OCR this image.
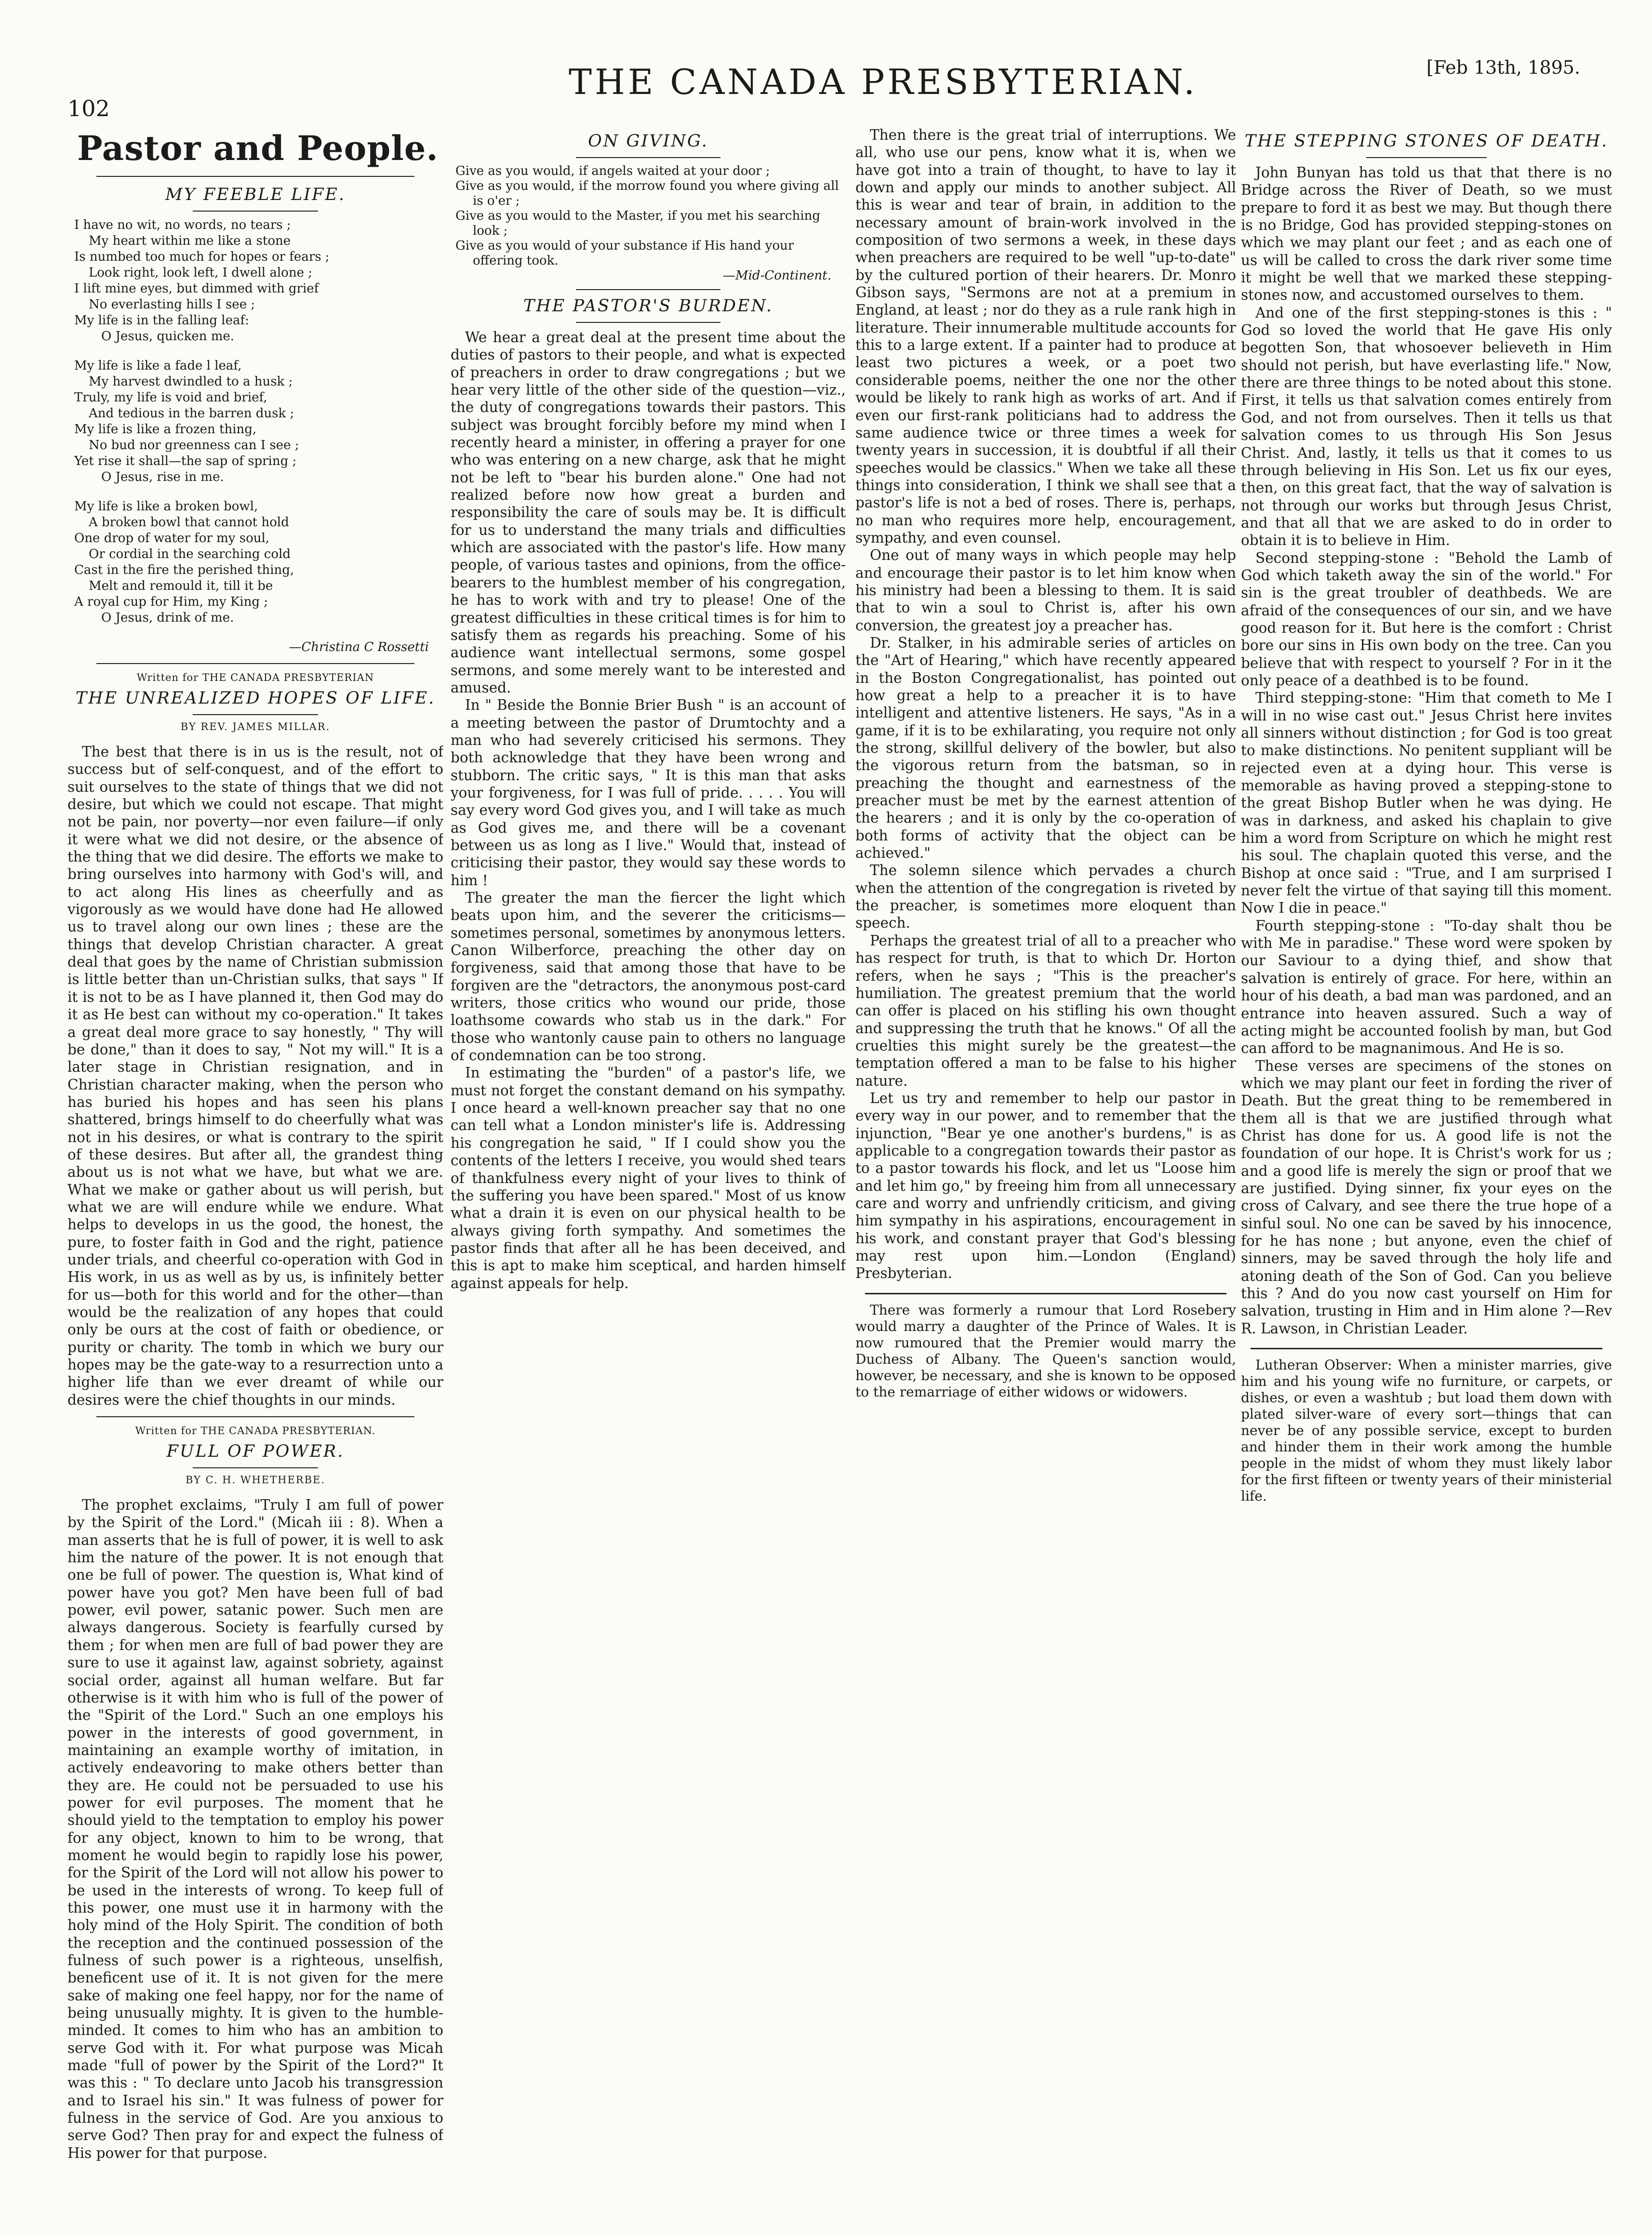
102
THE CANADA PRESBYTERIAN.	[Feb 13th, 1895.
Pastor and People.
MY FEEBLE LIFE.
I have no wit, no words, no tears ;
My heart within me like a stone
Is numbed too much for hopes or fears ;
Look right, look left, I dwell alone ;
I lift mine eyes, but dimmed with grief
No everlasting hills I see ;
My life is in the falling leaf:
O Jesus, quicken me.
My life is like a fade l leaf,
My harvest dwindled to a husk ;
Truly, my life is void and brief,
And tedious in the barren dusk ;
My life is like a frozen thing,
No bud nor greenness can I see ;
Yet rise it shall—the sap of spring ;
O Jesus, rise in me.
My life is like a broken bowl,
A broken bowl that cannot hold
One drop of water for my soul,
Or cordial in the searching cold
Cast in the fire the perished thing,
Melt and remould it, till it be
A royal cup for Him, my King ;
O Jesus, drink of me.
—Christina C Rossetti
Written for THE CANADA PRESBYTERIAN
THE UNREALIZED HOPES OF LIFE.
BY REV. JAMES MILLAR.

The best that there is in us is the result, not of success but of self-conquest, and of the effort to suit ourselves to the state of things that we did not desire, but which we could not escape. That might not be pain, nor poverty—nor even failure—if only it were what we did not desire, or the absence of the thing that we did desire. The efforts we make to bring ourselves into harmony with God's will, and to act along His lines as cheerfully and as vigorously as we would have done had He allowed us to travel along our own lines ; these are the things that develop Christian character. A great deal that goes by the name of Christian submission is little better than un-Christian sulks, that says " If it is not to be as I have planned it, then God may do it as He best can without my co-operation." It takes a great deal more grace to say honestly, " Thy will be done," than it does to say, " Not my will." It is a later stage in Christian resignation, and in Christian character making, when the person who has buried his hopes and has seen his plans shattered, brings himself to do cheerfully what was not in his desires, or what is contrary to the spirit of these desires. But after all, the grandest thing about us is not what we have, but what we are. What we make or gather about us will perish, but what we are will endure while we endure. What helps to develops in us the good, the honest, the pure, to foster faith in God and the right, patience under trials, and cheerful co-operation with God in His work, in us as well as by us, is infinitely better for us—both for this world and for the other—than would be the realization of any hopes that could only be ours at the cost of faith or obedience, or purity or charity. The tomb in which we bury our hopes may be the gate-way to a resurrection unto a higher life than we ever dreamt of while our desires were the chief thoughts in our minds.

Written for THE CANADA PRESBYTERIAN.
FULL OF POWER.
BY C. H. WHETHERBE.

The prophet exclaims, "Truly I am full of power by the Spirit of the Lord." (Micah iii : 8). When a man asserts that he is full of power, it is well to ask him the nature of the power. It is not enough that one be full of power. The question is, What kind of power have you got? Men have been full of bad power, evil power, satanic power. Such men are always dangerous. Society is fearfully cursed by them ; for when men are full of bad power they are sure to use it against law, against sobriety, against social order, against all human welfare. But far otherwise is it with him who is full of the power of the "Spirit of the Lord." Such an one employs his power in the interests of good government, in maintaining an example worthy of imitation, in actively endeavoring to make others better than they are. He could not be persuaded to use his power for evil purposes. The moment that he should yield to the temptation to employ his power for any object, known to him to be wrong, that moment he would begin to rapidly lose his power, for the Spirit of the Lord will not allow his power to be used in the interests of wrong. To keep full of this power, one must use it in harmony with the holy mind of the Holy Spirit. The condition of both the reception and the continued possession of the fulness of such power is a righteous, unselfish, beneficent use of it. It is not given for the mere sake of making one feel happy, nor for the name of being unusually mighty. It is given to the humble-minded. It comes to him who has an ambition to serve God with it. For what purpose was Micah made "full of power by the Spirit of the Lord?" It was this : " To declare unto Jacob his transgression and to Israel his sin." It was fulness of power for fulness in the service of God. Are you anxious to serve God? Then pray for and expect the fulness of His power for that purpose.

ON GIVING.
Give as you would, if angels waited at your door ;
Give as you would, if the morrow found you where giving all is o'er ;
Give as you would to the Master, if you met his searching look ;
Give as you would of your substance if His hand your offering took.
—Mid-Continent.
THE PASTOR'S BURDEN.

We hear a great deal at the present time about the duties of pastors to their people, and what is expected of preachers in order to draw congregations ; but we hear very little of the other side of the question—viz., the duty of congregations towards their pastors. This subject was brought forcibly before my mind when I recently heard a minister, in offering a prayer for one who was entering on a new charge, ask that he might not be left to "bear his burden alone." One had not realized before now how great a burden and responsibility the care of souls may be. It is difficult for us to understand the many trials and difficulties which are associated with the pastor's life. How many people, of various tastes and opinions, from the office-bearers to the humblest member of his congregation, he has to work with and try to please! One of the greatest difficulties in these critical times is for him to satisfy them as regards his preaching. Some of his audience want intellectual sermons, some gospel sermons, and some merely want to be interested and amused.

In " Beside the Bonnie Brier Bush " is an account of a meeting between the pastor of Drumtochty and a man who had severely criticised his sermons. They both acknowledge that they have been wrong and stubborn. The critic says, " It is this man that asks your forgiveness, for I was full of pride. . . . . You will say every word God gives you, and I will take as much as God gives me, and there will be a covenant between us as long as I live." Would that, instead of criticising their pastor, they would say these words to him !

The greater the man the fiercer the light which beats upon him, and the severer the criticisms—sometimes personal, sometimes by anonymous letters. Canon Wilberforce, preaching the other day on forgiveness, said that among those that have to be forgiven are the "detractors, the anonymous post-card writers, those critics who wound our pride, those loathsome cowards who stab us in the dark." For those who wantonly cause pain to others no language of condemnation can be too strong.

In estimating the "burden" of a pastor's life, we must not forget the constant demand on his sympathy. I once heard a well-known preacher say that no one can tell what a London minister's life is. Addressing his congregation he said, " If I could show you the contents of the letters I receive, you would shed tears of thankfulness every night of your lives to think of the suffering you have been spared." Most of us know what a drain it is even on our physical health to be always giving forth sympathy. And sometimes the pastor finds that after all he has been deceived, and this is apt to make him sceptical, and harden himself against appeals for help.

Then there is the great trial of interruptions. We all, who use our pens, know what it is, when we have got into a train of thought, to have to lay it down and apply our minds to another subject. All this is wear and tear of brain, in addition to the necessary amount of brain-work involved in the composition of two sermons a week, in these days when preachers are required to be well "up-to-date" by the cultured portion of their hearers. Dr. Monro Gibson says, "Sermons are not at a premium in England, at least ; nor do they as a rule rank high in literature. Their innumerable multitude accounts for this to a large extent. If a painter had to produce at least two pictures a week, or a poet two considerable poems, neither the one nor the other would be likely to rank high as works of art. And if even our first-rank politicians had to address the same audience twice or three times a week for twenty years in succession, it is doubtful if all their speeches would be classics." When we take all these things into consideration, I think we shall see that a pastor's life is not a bed of roses. There is, perhaps, no man who requires more help, encouragement, sympathy, and even counsel.

One out of many ways in which people may help and encourage their pastor is to let him know when his ministry had been a blessing to them. It is said that to win a soul to Christ is, after his own conversion, the greatest joy a preacher has.

Dr. Stalker, in his admirable series of articles on the "Art of Hearing," which have recently appeared in the Boston Congregationalist, has pointed out how great a help to a preacher it is to have intelligent and attentive listeners. He says, "As in a game, if it is to be exhilarating, you require not only the strong, skillful delivery of the bowler, but also the vigorous return from the batsman, so in preaching the thought and earnestness of the preacher must be met by the earnest attention of the hearers ; and it is only by the co-operation of both forms of activity that the object can be achieved."

The solemn silence which pervades a church when the attention of the congregation is riveted by the preacher, is sometimes more eloquent than speech.

Perhaps the greatest trial of all to a preacher who has respect for truth, is that to which Dr. Horton refers, when he says ; "This is the preacher's humiliation. The greatest premium that the world can offer is placed on his stifling his own thought and suppressing the truth that he knows." Of all the cruelties this might surely be the greatest—the temptation offered a man to be false to his higher nature.

Let us try and remember to help our pastor in every way in our power, and to remember that the injunction, "Bear ye one another's burdens," is as applicable to a congregation towards their pastor as to a pastor towards his flock, and let us "Loose him and let him go," by freeing him from all unnecessary care and worry and unfriendly criticism, and giving him sympathy in his aspirations, encouragement in his work, and constant prayer that God's blessing may rest upon him.—London (England) Presbyterian.

There was formerly a rumour that Lord Rosebery would marry a daughter of the Prince of Wales. It is now rumoured that the Premier would marry the Duchess of Albany. The Queen's sanction would, however, be necessary, and she is known to be opposed to the remarriage of either widows or widowers.
THE STEPPING STONES OF DEATH.

John Bunyan has told us that that there is no Bridge across the River of Death, so we must prepare to ford it as best we may. But though there is no Bridge, God has provided stepping-stones on which we may plant our feet ; and as each one of us will be called to cross the dark river some time it might be well that we marked these stepping-stones now, and accustomed ourselves to them.

And one of the first stepping-stones is this : " God so loved the world that He gave His only begotten Son, that whosoever believeth in Him should not perish, but have everlasting life." Now, there are three things to be noted about this stone. First, it tells us that salvation comes entirely from God, and not from ourselves. Then it tells us that salvation comes to us through His Son Jesus Christ. And, lastly, it tells us that it comes to us through believing in His Son. Let us fix our eyes, then, on this great fact, that the way of salvation is not through our works but through Jesus Christ, and that all that we are asked to do in order to obtain it is to believe in Him.

Second stepping-stone : "Behold the Lamb of God which taketh away the sin of the world." For sin is the great troubler of deathbeds. We are afraid of the consequences of our sin, and we have good reason for it. But here is the comfort : Christ bore our sins in His own body on the tree. Can you believe that with respect to yourself ? For in it the only peace of a deathbed is to be found.

Third stepping-stone: "Him that cometh to Me I will in no wise cast out." Jesus Christ here invites all sinners without distinction ; for God is too great to make distinctions. No penitent suppliant will be rejected even at a dying hour. This verse is memorable as having proved a stepping-stone to the great Bishop Butler when he was dying. He was in darkness, and asked his chaplain to give him a word from Scripture on which he might rest his soul. The chaplain quoted this verse, and the Bishop at once said : "True, and I am surprised I never felt the virtue of that saying till this moment. Now I die in peace."

Fourth stepping-stone : "To-day shalt thou be with Me in paradise." These word were spoken by our Saviour to a dying thief, and show that salvation is entirely of grace. For here, within an hour of his death, a bad man was pardoned, and an entrance into heaven assured. Such a way of acting might be accounted foolish by man, but God can afford to be magnanimous. And He is so.

These verses are specimens of the stones on which we may plant our feet in fording the river of Death. But the great thing to be remembered in them all is that we are justified through what Christ has done for us. A good life is not the foundation of our hope. It is Christ's work for us ; and a good life is merely the sign or proof that we are justified. Dying sinner, fix your eyes on the cross of Calvary, and see there the true hope of a sinful soul. No one can be saved by his innocence, for he has none ; but anyone, even the chief of sinners, may be saved through the holy life and atoning death of the Son of God. Can you believe this ? And do you now cast yourself on Him for salvation, trusting in Him and in Him alone ?—Rev R. Lawson, in Christian Leader.

Lutheran Observer: When a minister marries, give him and his young wife no furniture, or carpets, or dishes, or even a washtub ; but load them down with plated silver-ware of every sort—things that can never be of any possible service, except to burden and hinder them in their work among the humble people in the midst of whom they must likely labor for the first fifteen or twenty years of their ministerial life.
